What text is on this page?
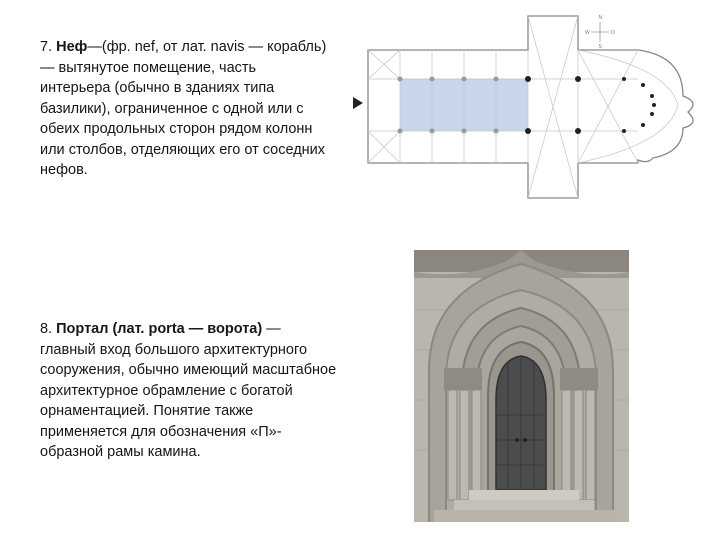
7. Неф—(фр. nef, от лат. navis — корабль) — вытянутое помещение, часть интерьера (обычно в зданиях типа базилики), ограниченное с одной или с обеих продольных сторон рядом колонн или столбов, отделяющих его от соседних нефов.
N
S
O
W
8. Портал (лат. porta — ворота) — главный вход большого архитектурного сооружения, обычно имеющий масштабное архитектурное обрамление с богатой орнаментацией. Понятие также применяется для обозначения «П»-образной рамы камина.
